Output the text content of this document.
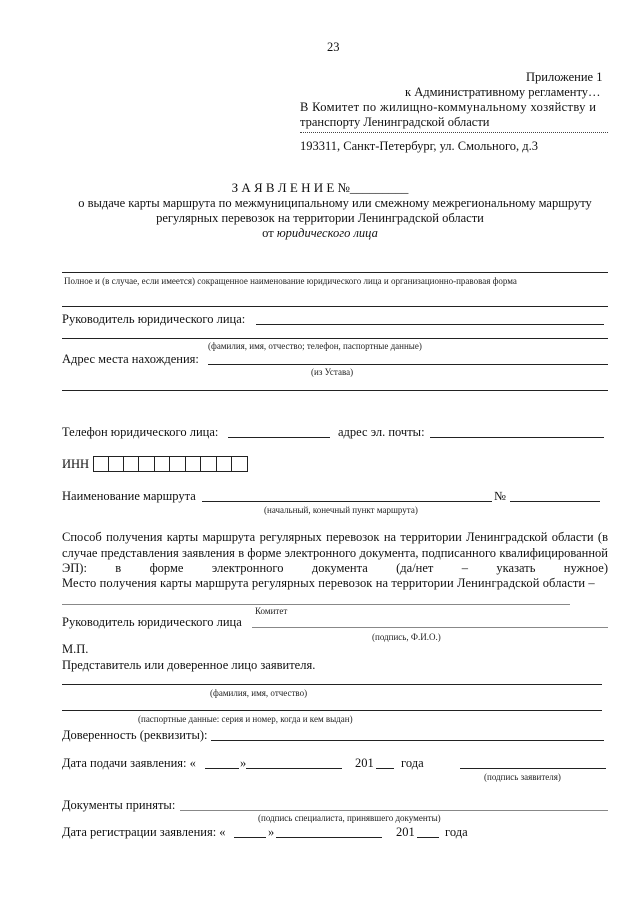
23
Приложение 1
к Административному регламенту…
В Комитет по жилищно-коммунальному хозяйству и
транспорту Ленинградской области
193311, Санкт-Петербург, ул. Смольного, д.3
З А Я В Л Е Н И Е №_________
о выдаче карты маршрута по межмуниципальному или смежному межрегиональному маршруту
регулярных перевозок на территории Ленинградской области
от юридического лица
Полное и (в случае, если имеется) сокращенное наименование юридического лица и организационно-правовая форма
Руководитель юридического лица:
(фамилия, имя, отчество; телефон, паспортные данные)
Адрес места нахождения:
(из Устава)
Телефон юридического лица:	адрес эл. почты:
ИНН
Наименование маршрута	№
(начальный, конечный пункт маршрута)
Способ получения карты маршрута регулярных перевозок на территории Ленинградской области (в случае представления заявления в форме электронного документа, подписанного квалифицированной ЭП): в форме электронного документа (да/нет – указать нужное)
Место получения карты маршрута регулярных перевозок на территории Ленинградской области –
Комитет
Руководитель юридического лица
(подпись, Ф.И.О.)
М.П.
Представитель или доверенное лицо заявителя.
(фамилия, имя, отчество)
(паспортные данные: серия и номер, когда и кем выдан)
Доверенность (реквизиты):
Дата подачи заявления: «	»	201 года
(подпись заявителя)
Документы приняты:
(подпись специалиста, принявшего документы)
Дата регистрации заявления: «	»	201 года
